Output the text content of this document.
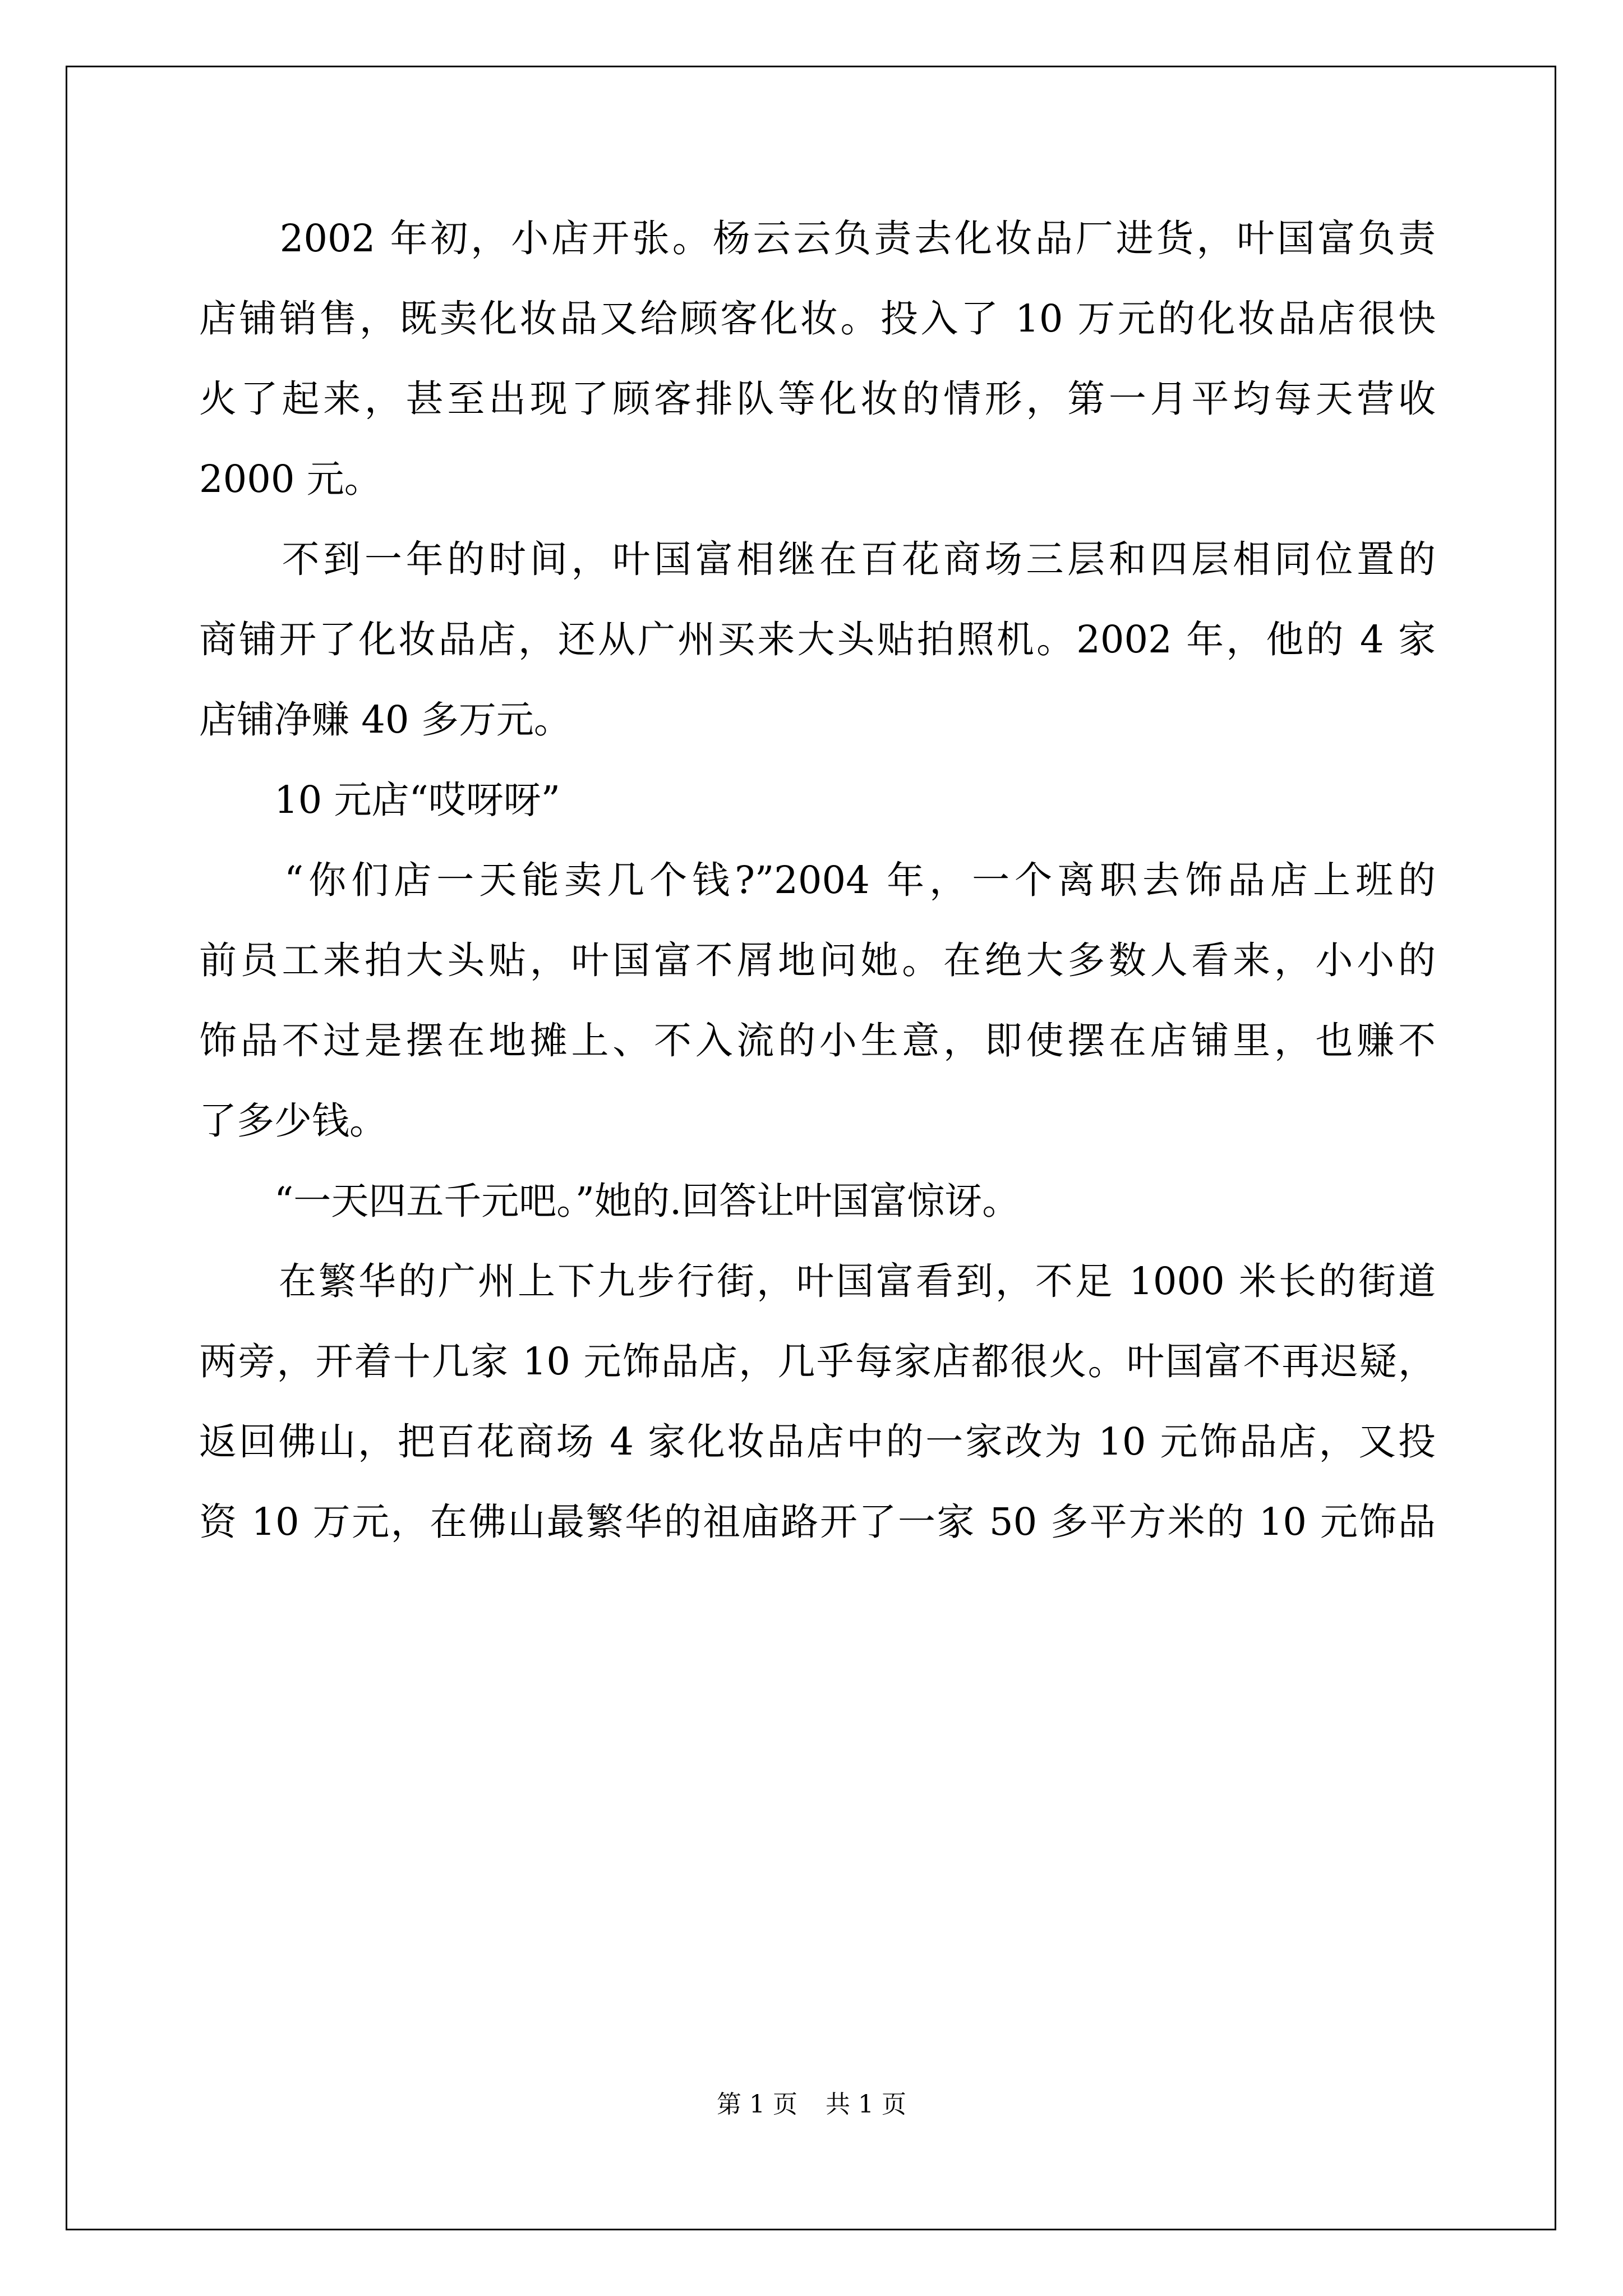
　　2002 年初，小店开张。杨云云负责去化妆品厂进货，叶国富负责
店铺销售，既卖化妆品又给顾客化妆。投入了 10 万元的化妆品店很快
火了起来，甚至出现了顾客排队等化妆的情形，第一月平均每天营收
2000 元。
　　不到一年的时间，叶国富相继在百花商场三层和四层相同位置的
商铺开了化妆品店，还从广州买来大头贴拍照机。2002 年，他的 4 家
店铺净赚 40 多万元。
　　10 元店“哎呀呀”
　　“你们店一天能卖几个钱?”2004 年，一个离职去饰品店上班的
前员工来拍大头贴，叶国富不屑地问她。在绝大多数人看来，小小的
饰品不过是摆在地摊上、不入流的小生意，即使摆在店铺里，也赚不
了多少钱。
　　“一天四五千元吧。”她的.回答让叶国富惊讶。
　　在繁华的广州上下九步行街，叶国富看到，不足 1000 米长的街道
两旁，开着十几家 10 元饰品店，几乎每家店都很火。叶国富不再迟疑，
返回佛山，把百花商场 4 家化妆品店中的一家改为 10 元饰品店，又投
资 10 万元，在佛山最繁华的祖庙路开了一家 50 多平方米的 10 元饰品
第 1 页 共 1 页
